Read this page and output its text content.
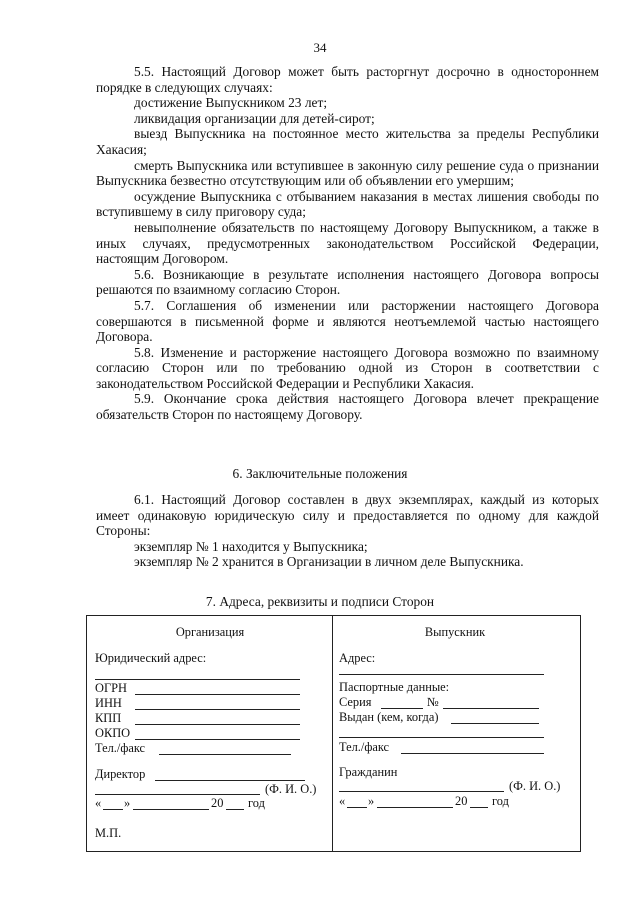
34

5.5. Настоящий Договор может быть расторгнут досрочно в одностороннем порядке в следующих случаях:

достижение Выпускником 23 лет;

ликвидация организации для детей-сирот;

выезд Выпускника на постоянное место жительства за пределы Республики Хакасия;

смерть Выпускника или вступившее в законную силу решение суда о признании Выпускника безвестно отсутствующим или об объявлении его умершим;

осуждение Выпускника с отбыванием наказания в местах лишения свободы по вступившему в силу приговору суда;

невыполнение обязательств по настоящему Договору Выпускником, а также в иных случаях, предусмотренных законодательством Российской Федерации, настоящим Договором.

5.6. Возникающие в результате исполнения настоящего Договора вопросы решаются по взаимному согласию Сторон.

5.7. Соглашения об изменении или расторжении настоящего Договора совершаются в письменной форме и являются неотъемлемой частью настоящего Договора.

5.8. Изменение и расторжение настоящего Договора возможно по взаимному согласию Сторон или по требованию одной из Сторон в соответствии с законодательством Российской Федерации и Республики Хакасия.

5.9. Окончание срока действия настоящего Договора влечет прекращение обязательств Сторон по настоящему Договору.

6. Заключительные положения

6.1. Настоящий Договор составлен в двух экземплярах, каждый из которых имеет одинаковую юридическую силу и предоставляется по одному для каждой Стороны:

экземпляр № 1 находится у Выпускника;

экземпляр № 2 хранится в Организации в личном деле Выпускника.

7. Адреса, реквизиты и подписи Сторон
Организация
Юридический адрес:
ОГРН
ИНН
КПП
ОКПО
Тел./факс
Директор
(Ф. И. О.)
« »	20 год
М.П.
Выпускник
Адрес:
Паспортные данные:
Серия	№
Выдан (кем, когда)
Тел./факс
Гражданин
(Ф. И. О.)
« »	20 год
